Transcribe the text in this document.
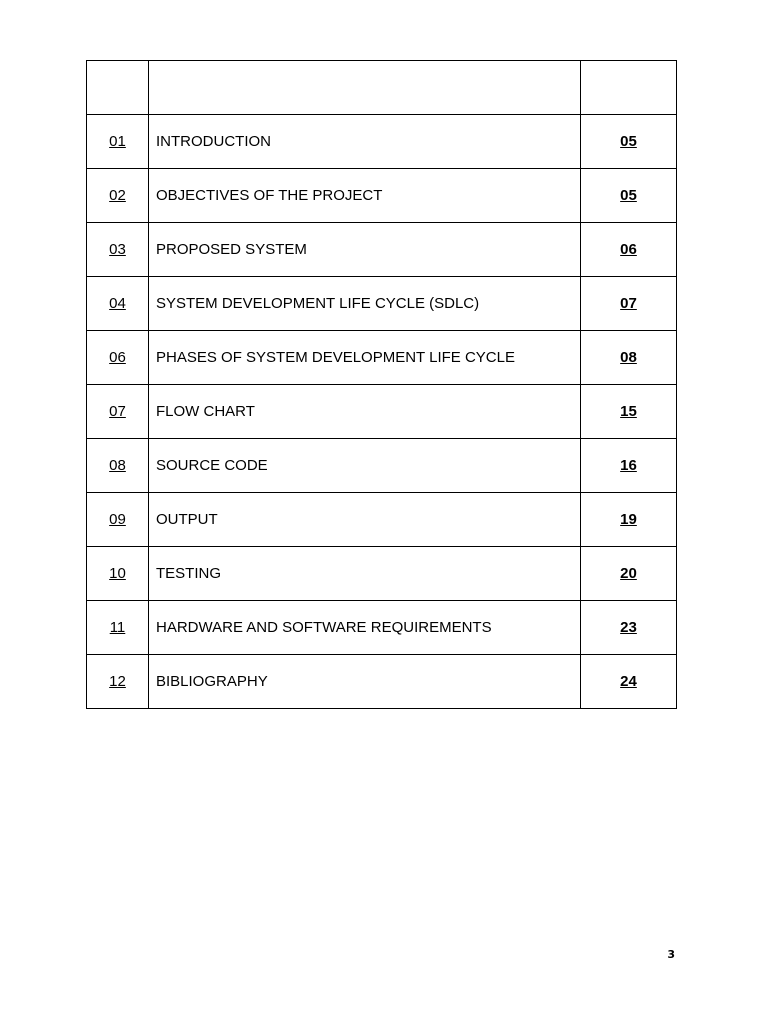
01	INTRODUCTION	05
02	OBJECTIVES OF THE PROJECT	05
03	PROPOSED SYSTEM	06
04	SYSTEM DEVELOPMENT LIFE CYCLE (SDLC)	07
06	PHASES OF SYSTEM DEVELOPMENT LIFE CYCLE	08
07	FLOW CHART	15
08	SOURCE CODE	16
09	OUTPUT	19
10	TESTING	20
11	HARDWARE AND SOFTWARE REQUIREMENTS	23
12	BIBLIOGRAPHY	24
3
